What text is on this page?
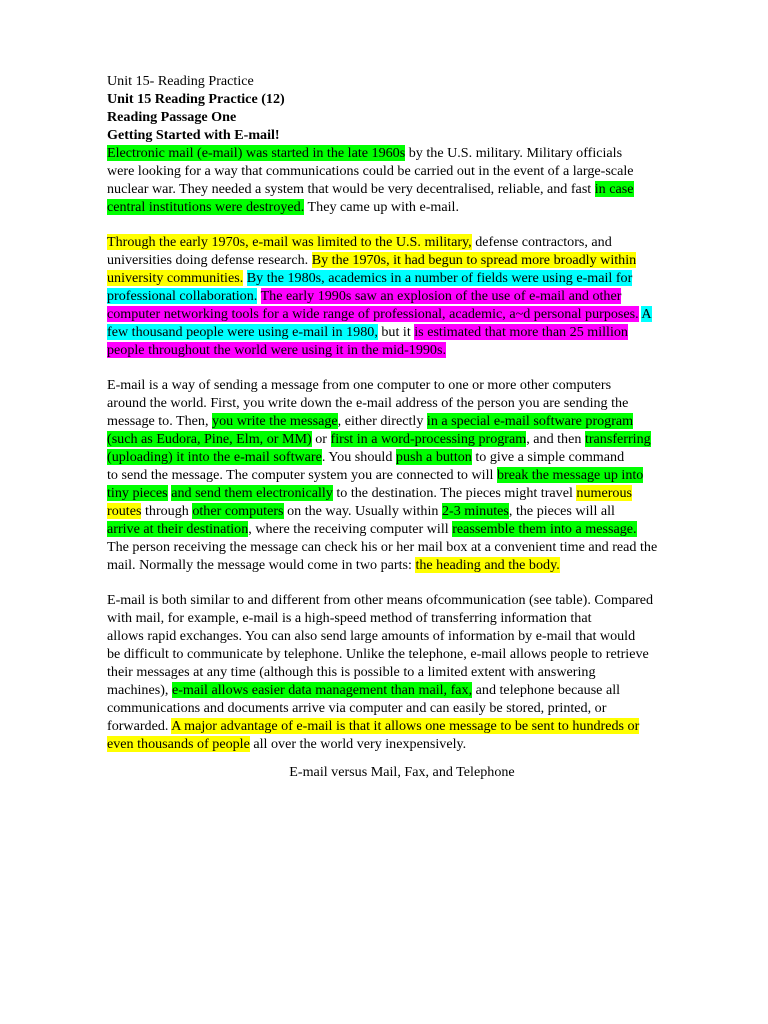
Unit 15- Reading Practice
Unit 15 Reading Practice (12)
Reading Passage One
Getting Started with E-mail!
Electronic mail (e-mail) was started in the late 1960s by the U.S. military. Military officials
were looking for a way that communications could be carried out in the event of a large-scale
nuclear war. They needed a system that would be very decentralised, reliable, and fast in case
central institutions were destroyed. They came up with e-mail.
Through the early 1970s, e-mail was limited to the U.S. military, defense contractors, and
universities doing defense research. By the 1970s, it had begun to spread more broadly within
university communities. By the 1980s, academics in a number of fields were using e-mail for
professional collaboration. The early 1990s saw an explosion of the use of e-mail and other
computer networking tools for a wide range of professional, academic, a~d personal purposes. A
few thousand people were using e-mail in 1980, but it is estimated that more than 25 million
people throughout the world were using it in the mid-1990s.
E-mail is a way of sending a message from one computer to one or more other computers
around the world. First, you write down the e-mail address of the person you are sending the
message to. Then, you write the message, either directly in a special e-mail software program
(such as Eudora, Pine, Elm, or MM) or first in a word-processing program, and then transferring
(uploading) it into the e-mail software. You should push a button to give a simple command
to send the message. The computer system you are connected to will break the message up into
tiny pieces and send them electronically to the destination. The pieces might travel numerous
routes through other computers on the way. Usually within 2-3 minutes, the pieces will all
arrive at their destination, where the receiving computer will reassemble them into a message.
The person receiving the message can check his or her mail box at a convenient time and read the
mail. Normally the message would come in two parts: the heading and the body.
E-mail is both similar to and different from other means ofcommunication (see table). Compared
with mail, for example, e-mail is a high-speed method of transferring information that
allows rapid exchanges. You can also send large amounts of information by e-mail that would
be difficult to communicate by telephone. Unlike the telephone, e-mail allows people to retrieve
their messages at any time (although this is possible to a limited extent with answering
machines), e-mail allows easier data management than mail, fax, and telephone because all
communications and documents arrive via computer and can easily be stored, printed, or
forwarded. A major advantage of e-mail is that it allows one message to be sent to hundreds or
even thousands of people all over the world very inexpensively.
E-mail versus Mail, Fax, and Telephone
